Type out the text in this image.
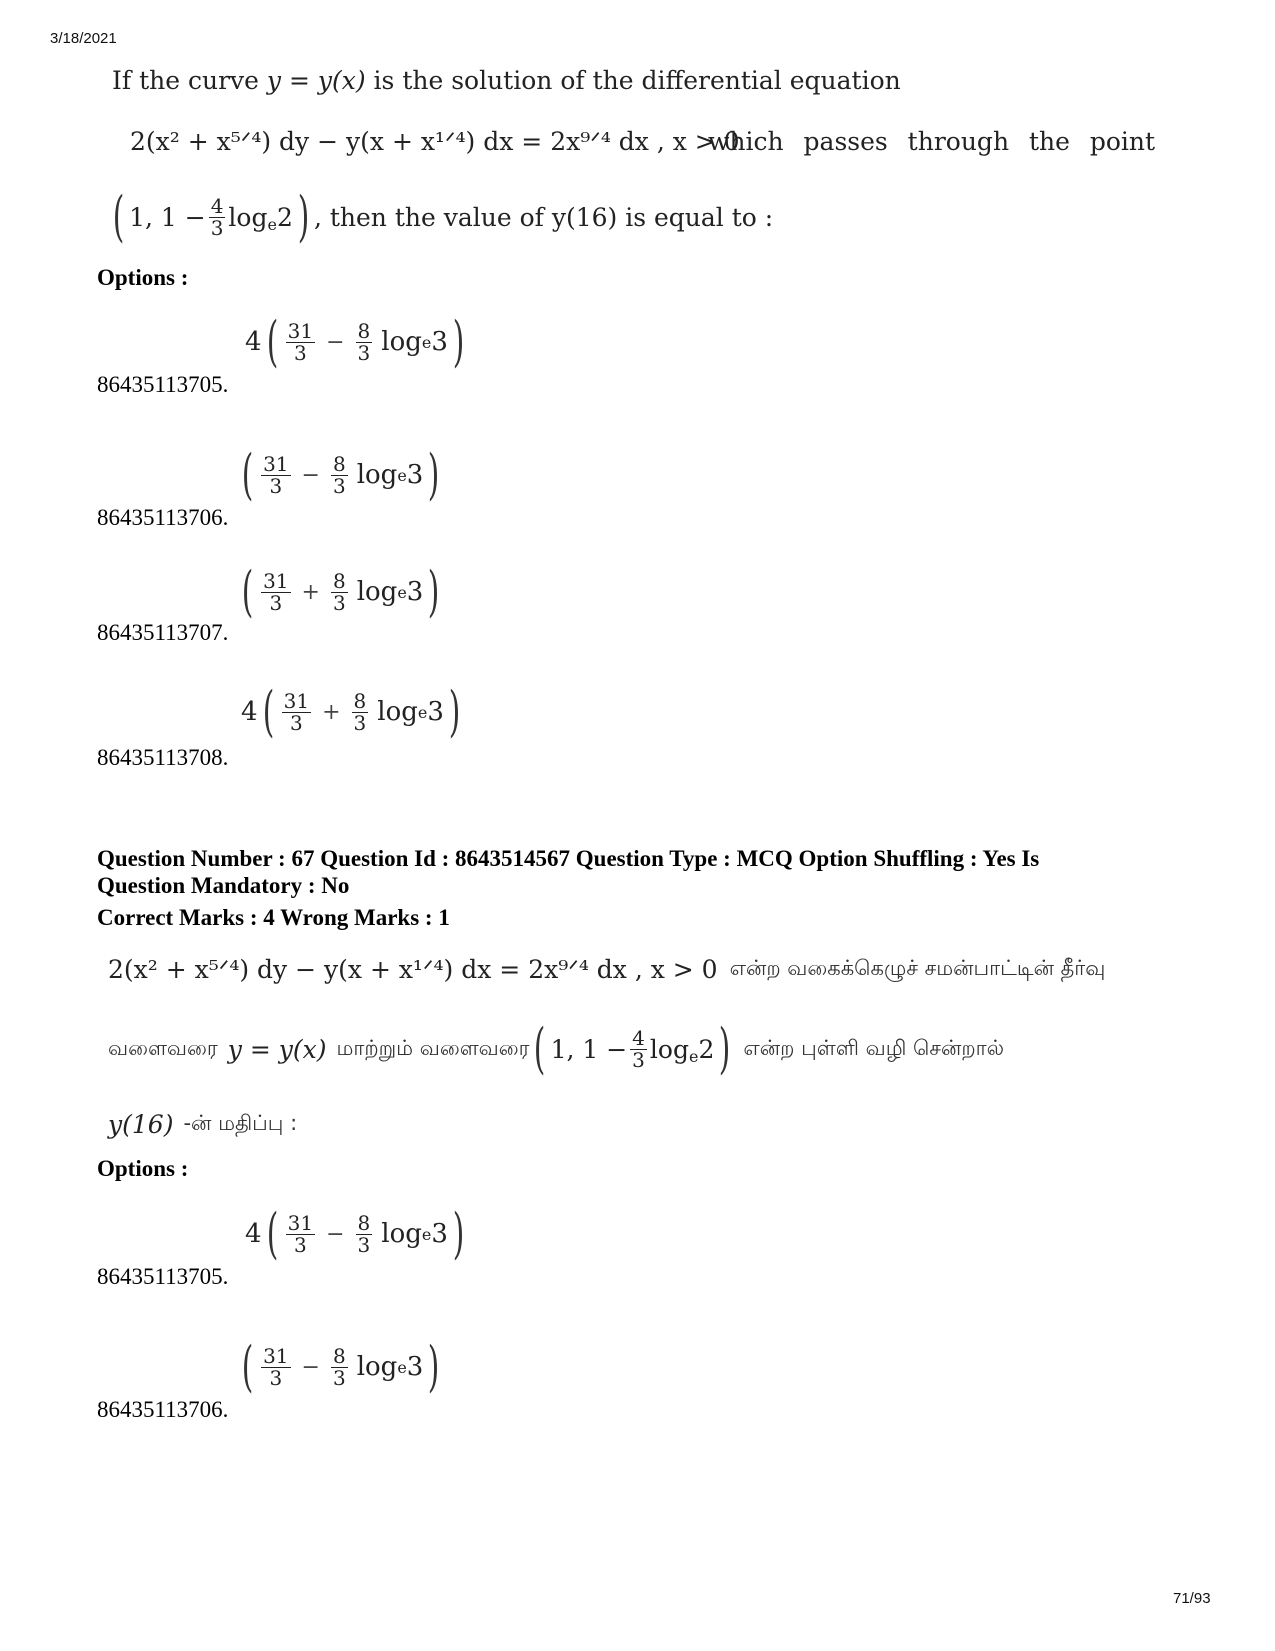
3/18/2021
71/93
If the curve y = y(x) is the solution of the differential equation
2(x² + x⁵ᐟ⁴) dy − y(x + x¹ᐟ⁴) dx = 2x⁹ᐟ⁴ dx , x > 0
which passes through the point
( 1, $1 - \frac{4}{3}$ log e 2 ) , then the value of y(16) is equal to :
Options :
4 ( $\frac{31}{3} - \frac{8}{3}$ log e 3 )
86435113705.
( $\frac{31}{3} - \frac{8}{3}$ log e 3 )
86435113706.
( $\frac{31}{3} + \frac{8}{3}$ log e 3 )
86435113707.
4 ( $\frac{31}{3} + \frac{8}{3}$ log e 3 )
86435113708.
Question Number : 67 Question Id : 8643514567 Question Type : MCQ Option Shuffling : Yes Is
Question Mandatory : No
Correct Marks : 4 Wrong Marks : 1
2(x² + x⁵ᐟ⁴) dy − y(x + x¹ᐟ⁴) dx = 2x⁹ᐟ⁴ dx , x > 0 என்ற வகைக்கெழுச் சமன்பாட்டின் தீர்வு
வளைவரை y = y(x) மாற்றும் வளைவரை ( 1, $1 - \frac{4}{3}$ log e 2 ) என்ற புள்ளி வழி சென்றால்
y(16) -ன் மதிப்பு :
Options :
4 ( $\frac{31}{3} - \frac{8}{3}$ log e 3 )
86435113705.
( $\frac{31}{3} - \frac{8}{3}$ log e 3 )
86435113706.
